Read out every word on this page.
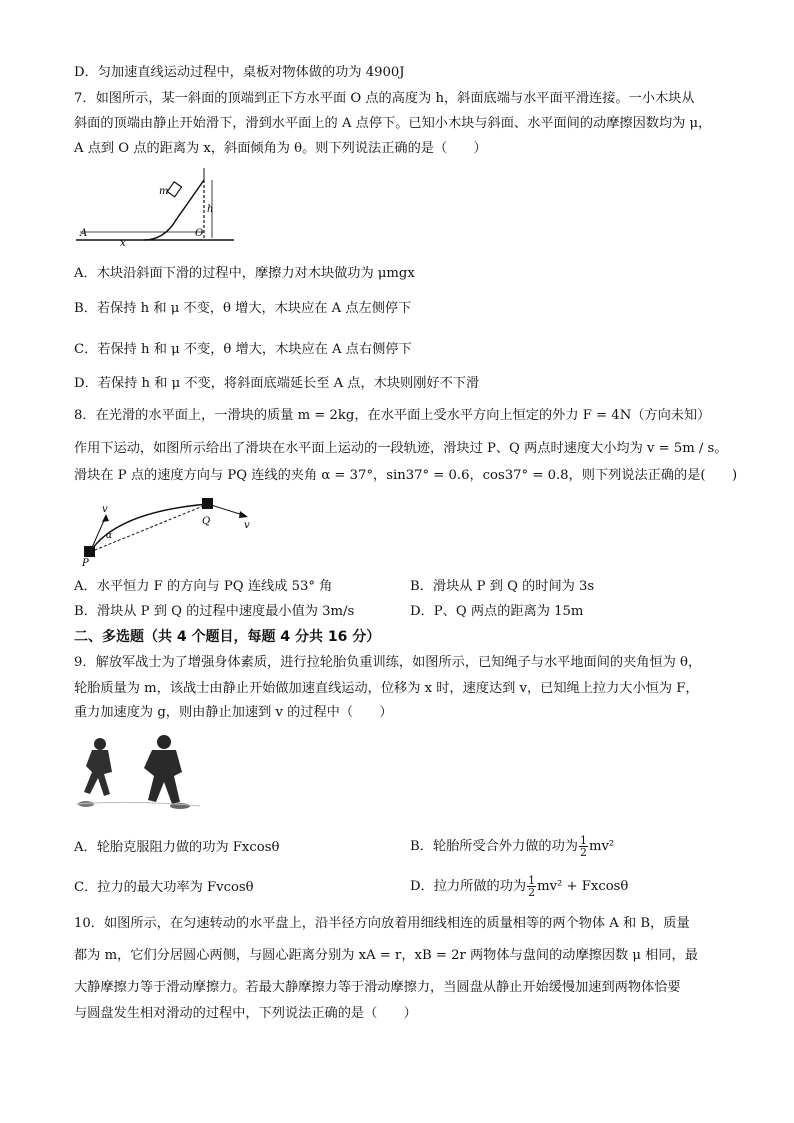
D．匀加速直线运动过程中，桌板对物体做的功为 4900J
7．如图所示，某一斜面的顶端到正下方水平面 O 点的高度为 h，斜面底端与水平面平滑连接。一小木块从
斜面的顶端由静止开始滑下，滑到水平面上的 A 点停下。已知小木块与斜面、水平面间的动摩擦因数均为 μ，
A 点到 O 点的距离为 x，斜面倾角为 θ。则下列说法正确的是（　　）
m
h
O
A
x
A．木块沿斜面下滑的过程中，摩擦力对木块做功为 μmgx
B．若保持 h 和 μ 不变，θ 增大，木块应在 A 点左侧停下
C．若保持 h 和 μ 不变，θ 增大，木块应在 A 点右侧停下
D．若保持 h 和 μ 不变，将斜面底端延长至 A 点，木块则刚好不下滑
8．在光滑的水平面上，一滑块的质量 m = 2kg，在水平面上受水平方向上恒定的外力 F = 4N（方向未知）
作用下运动，如图所示给出了滑块在水平面上运动的一段轨迹，滑块过 P、Q 两点时速度大小均为 v = 5m / s。
滑块在 P 点的速度方向与 PQ 连线的夹角 α = 37°，sin37° = 0.6，cos37° = 0.8，则下列说法正确的是(　　)
v
v
Q
P
α
A．水平恒力 F 的方向与 PQ 连线成 53° 角	B．滑块从 P 到 Q 的时间为 3s
B．滑块从 P 到 Q 的过程中速度最小值为 3m/s	D．P、Q 两点的距离为 15m
二、多选题（共 4 个题目，每题 4 分共 16 分）
9．解放军战士为了增强身体素质，进行拉轮胎负重训练，如图所示，已知绳子与水平地面间的夹角恒为 θ，
轮胎质量为 m，该战士由静止开始做加速直线运动，位移为 x 时，速度达到 v，已知绳上拉力大小恒为 F，
重力加速度为 g，则由静止加速到 v 的过程中（　　）
A．轮胎克服阻力做的功为 Fxcosθ	B．轮胎所受合外力做的功为 $\frac{1}{2} mv^2$
C．拉力的最大功率为 Fvcosθ	D．拉力所做的功为 $\frac{1}{2} mv^2 + Fxcos\theta$
10．如图所示，在匀速转动的水平盘上，沿半径方向放着用细线相连的质量相等的两个物体 A 和 B，质量
都为 m，它们分居圆心两侧，与圆心距离分别为 xA = r，xB = 2r 两物体与盘间的动摩擦因数 μ 相同，最
大静摩擦力等于滑动摩擦力。若最大静摩擦力等于滑动摩擦力，当圆盘从静止开始缓慢加速到两物体恰要
与圆盘发生相对滑动的过程中，下列说法正确的是（　　）
